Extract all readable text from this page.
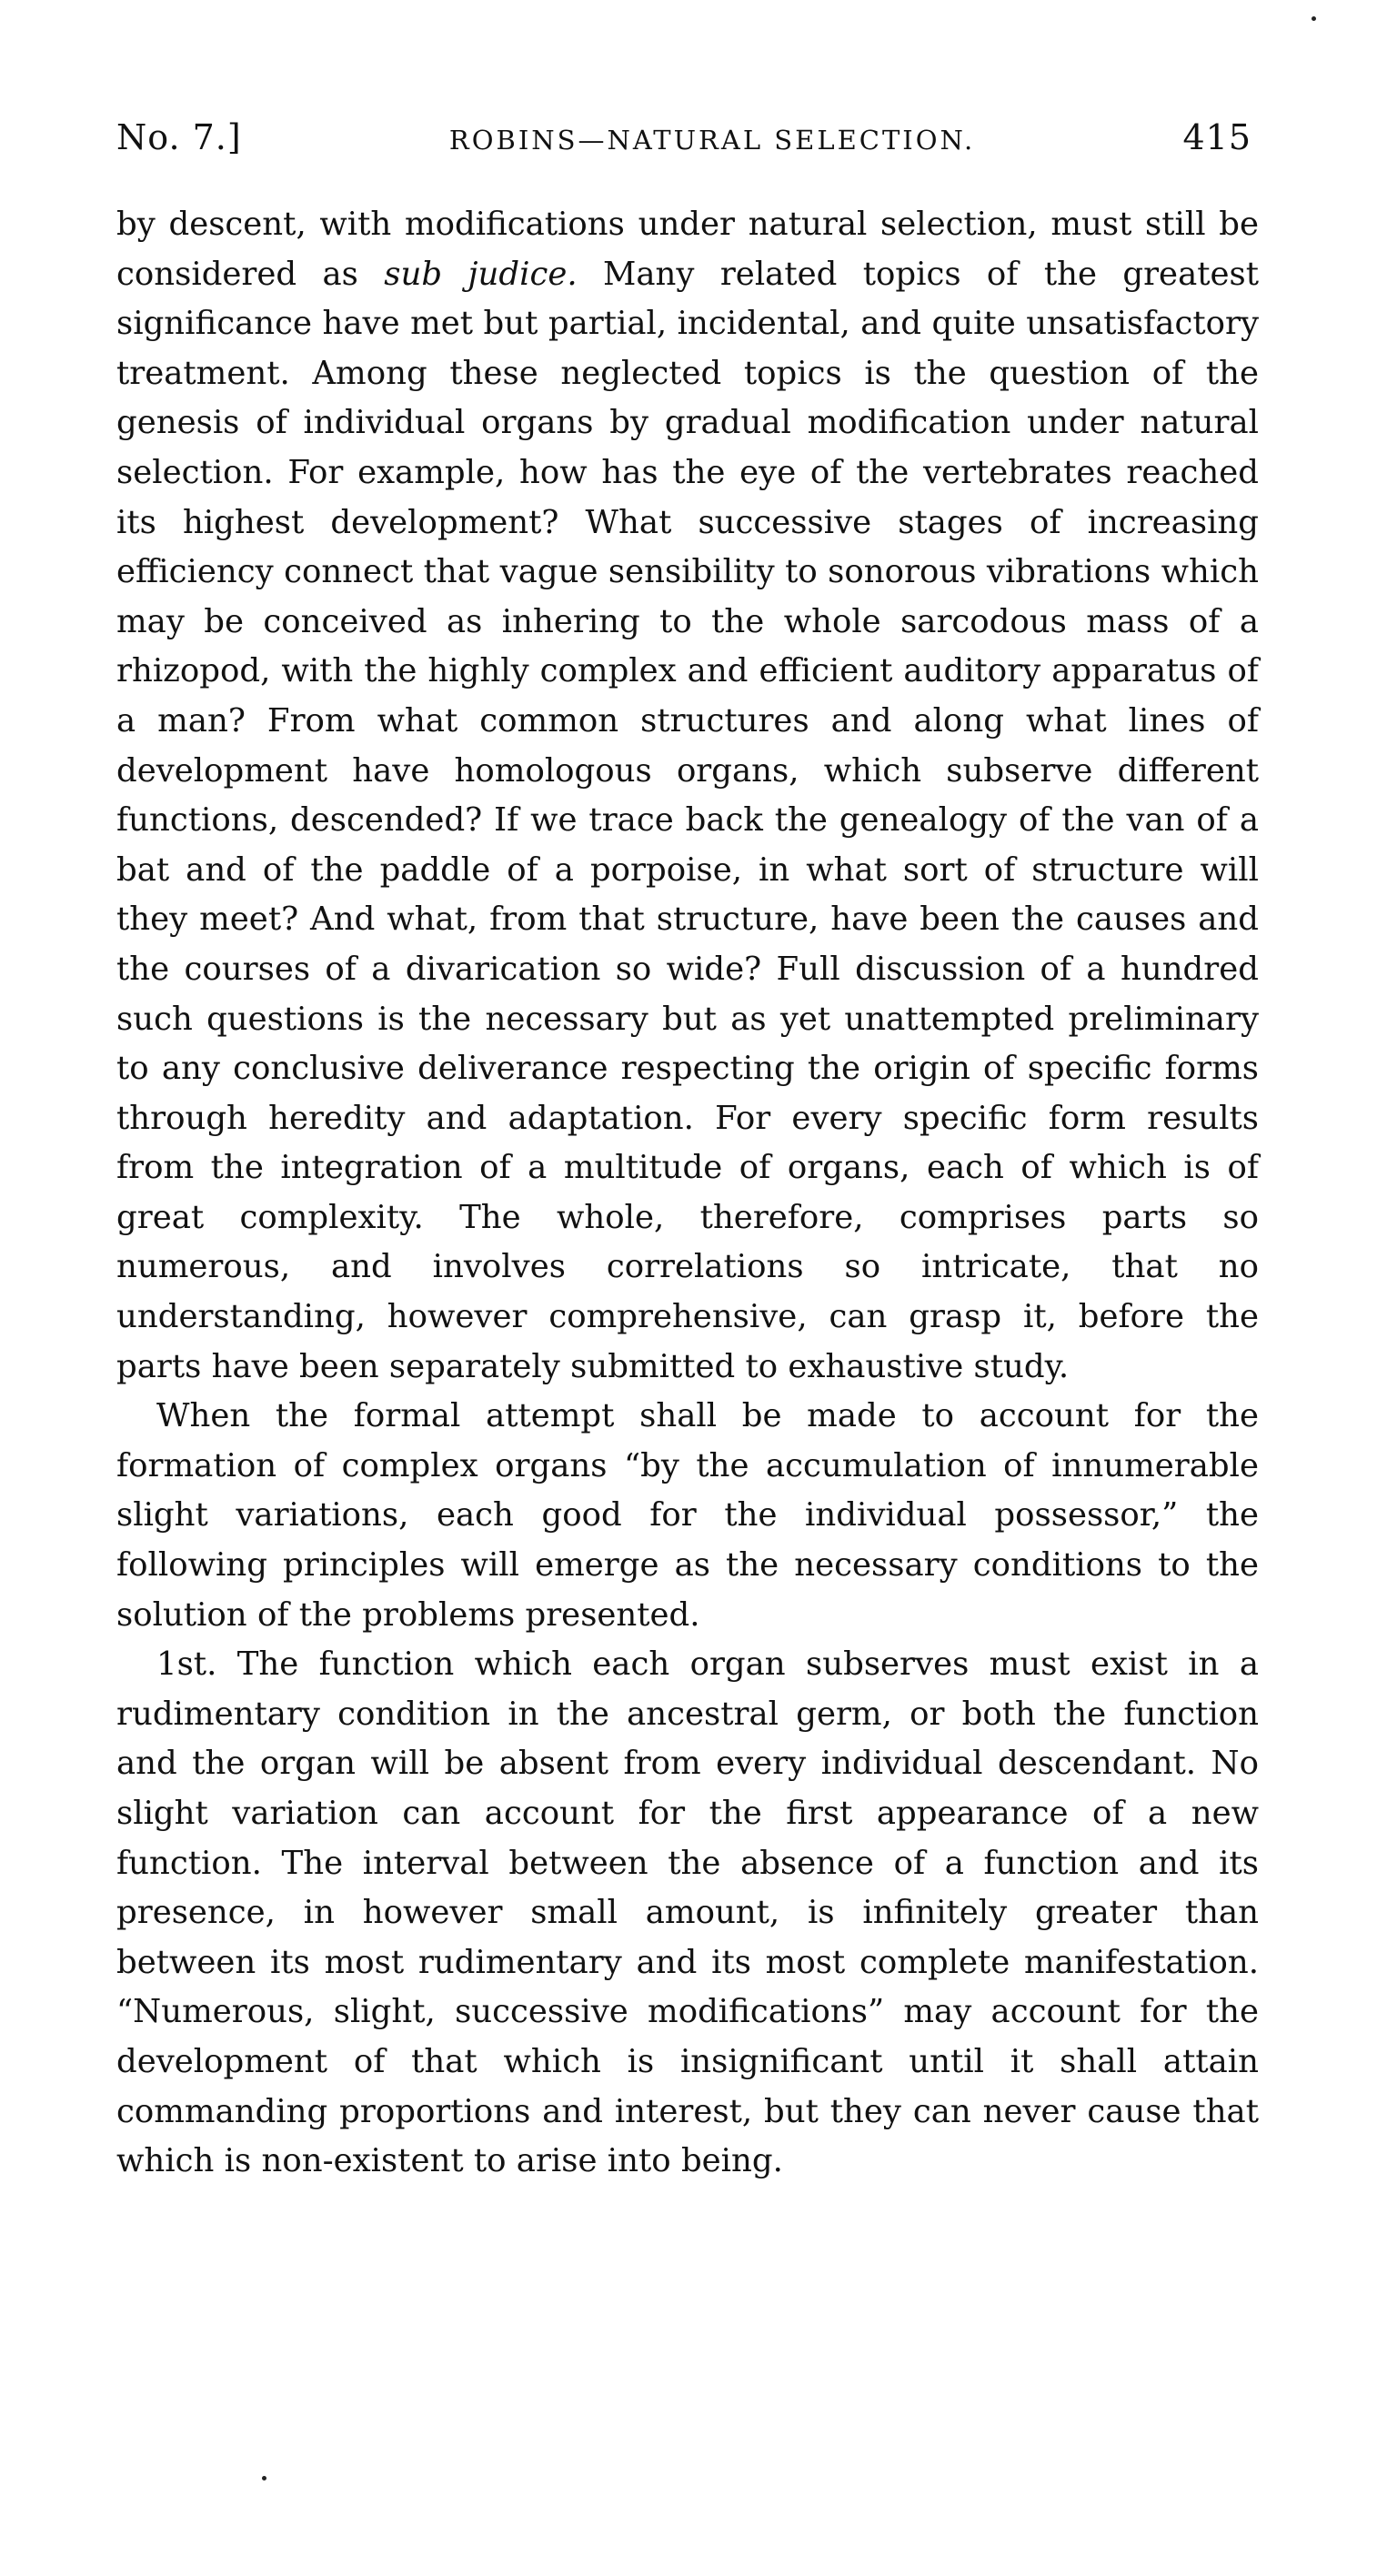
No. 7.]	ROBINS—NATURAL SELECTION.	415

by descent, with modifications under natural selection, must still be considered as sub judice. Many related topics of the greatest significance have met but partial, incidental, and quite unsatisfactory treatment. Among these neglected topics is the question of the genesis of individual organs by gradual modification under natural selection. For example, how has the eye of the vertebrates reached its highest development? What successive stages of increasing efficiency connect that vague sensibility to sonorous vibrations which may be conceived as inhering to the whole sarcodous mass of a rhizopod, with the highly complex and efficient auditory apparatus of a man? From what common structures and along what lines of development have homologous organs, which subserve different functions, descended? If we trace back the genealogy of the van of a bat and of the paddle of a porpoise, in what sort of structure will they meet? And what, from that structure, have been the causes and the courses of a divarication so wide? Full discussion of a hundred such questions is the necessary but as yet unattempted preliminary to any conclusive deliverance respecting the origin of specific forms through heredity and adaptation. For every specific form results from the integration of a multitude of organs, each of which is of great complexity. The whole, therefore, comprises parts so numerous, and involves correlations so intricate, that no understanding, however comprehensive, can grasp it, before the parts have been separately submitted to exhaustive study.

When the formal attempt shall be made to account for the formation of complex organs “by the accumulation of innumerable slight variations, each good for the individual possessor,” the following principles will emerge as the necessary conditions to the solution of the problems presented.

1st. The function which each organ subserves must exist in a rudimentary condition in the ancestral germ, or both the function and the organ will be absent from every individual descendant. No slight variation can account for the first appearance of a new function. The interval between the absence of a function and its presence, in however small amount, is infinitely greater than between its most rudimentary and its most complete manifestation. “Numerous, slight, successive modifications” may account for the development of that which is insignificant until it shall attain commanding proportions and interest, but they can never cause that which is non-existent to arise into being.
